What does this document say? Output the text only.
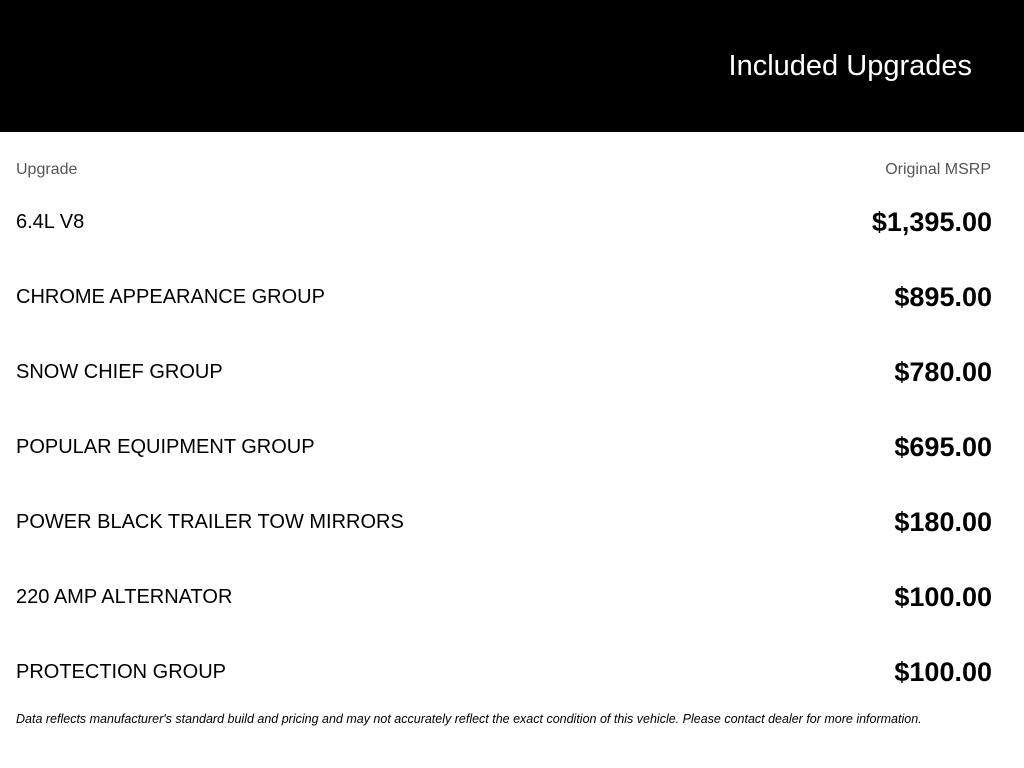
Included Upgrades
Upgrade	Original MSRP
6.4L V8	$1,395.00
CHROME APPEARANCE GROUP	$895.00
SNOW CHIEF GROUP	$780.00
POPULAR EQUIPMENT GROUP	$695.00
POWER BLACK TRAILER TOW MIRRORS	$180.00
220 AMP ALTERNATOR	$100.00
PROTECTION GROUP	$100.00
Data reflects manufacturer's standard build and pricing and may not accurately reflect the exact condition of this vehicle. Please contact dealer for more information.
